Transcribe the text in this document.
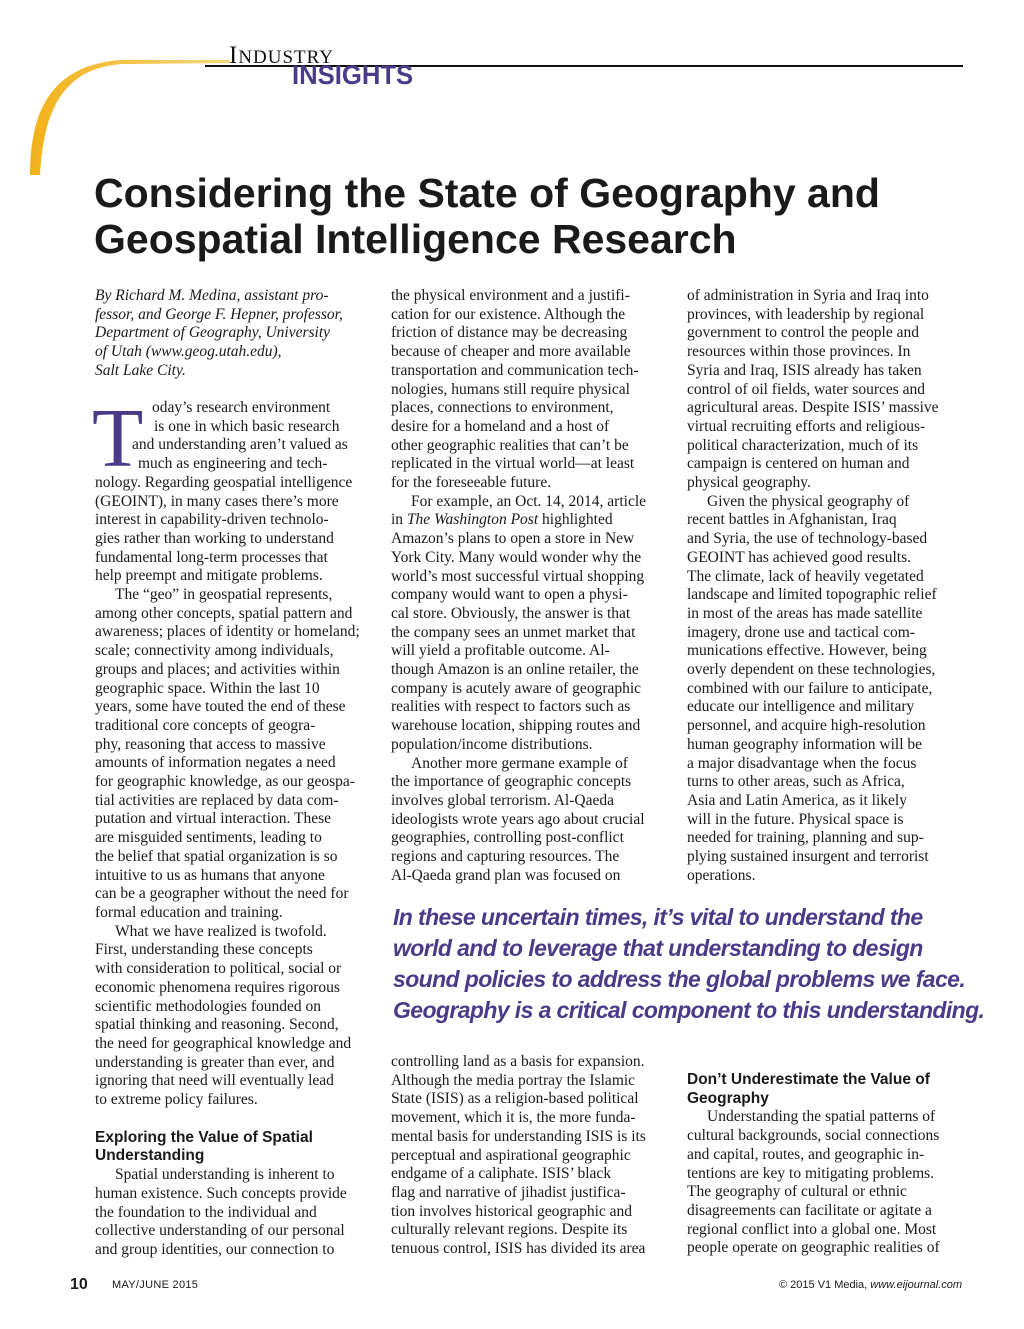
INDUSTRY
INSIGHTS
Considering the State of Geography and
Geospatial Intelligence Research
By Richard M. Medina, assistant pro-
fessor, and George F. Hepner, professor,
Department of Geography, University
of Utah (www.geog.utah.edu),
Salt Lake City.
T oday’s research environment
is one in which basic research
and understanding aren’t valued as
much as engineering and tech-
nology. Regarding geospatial intelligence
(GEOINT), in many cases there’s more
interest in capability-driven technolo-
gies rather than working to understand
fundamental long-term processes that
help preempt and mitigate problems.
The “geo” in geospatial represents,
among other concepts, spatial pattern and
awareness; places of identity or homeland;
scale; connectivity among individuals,
groups and places; and activities within
geographic space. Within the last 10
years, some have touted the end of these
traditional core concepts of geogra-
phy, reasoning that access to massive
amounts of information negates a need
for geographic knowledge, as our geospa-
tial activities are replaced by data com-
putation and virtual interaction. These
are misguided sentiments, leading to
the belief that spatial organization is so
intuitive to us as humans that anyone
can be a geographer without the need for
formal education and training.
What we have realized is twofold.
First, understanding these concepts
with consideration to political, social or
economic phenomena requires rigorous
scientific methodologies founded on
spatial thinking and reasoning. Second,
the need for geographical knowledge and
understanding is greater than ever, and
ignoring that need will eventually lead
to extreme policy failures.
Exploring the Value of Spatial
Understanding
Spatial understanding is inherent to
human existence. Such concepts provide
the foundation to the individual and
collective understanding of our personal
and group identities, our connection to
the physical environment and a justifi-
cation for our existence. Although the
friction of distance may be decreasing
because of cheaper and more available
transportation and communication tech-
nologies, humans still require physical
places, connections to environment,
desire for a homeland and a host of
other geographic realities that can’t be
replicated in the virtual world—at least
for the foreseeable future.
For example, an Oct. 14, 2014, article
in The Washington Post highlighted
Amazon’s plans to open a store in New
York City. Many would wonder why the
world’s most successful virtual shopping
company would want to open a physi-
cal store. Obviously, the answer is that
the company sees an unmet market that
will yield a profitable outcome. Al-
though Amazon is an online retailer, the
company is acutely aware of geographic
realities with respect to factors such as
warehouse location, shipping routes and
population/income distributions.
Another more germane example of
the importance of geographic concepts
involves global terrorism. Al-Qaeda
ideologists wrote years ago about crucial
geographies, controlling post-conflict
regions and capturing resources. The
Al-Qaeda grand plan was focused on
of administration in Syria and Iraq into
provinces, with leadership by regional
government to control the people and
resources within those provinces. In
Syria and Iraq, ISIS already has taken
control of oil fields, water sources and
agricultural areas. Despite ISIS’ massive
virtual recruiting efforts and religious-
political characterization, much of its
campaign is centered on human and
physical geography.
Given the physical geography of
recent battles in Afghanistan, Iraq
and Syria, the use of technology-based
GEOINT has achieved good results.
The climate, lack of heavily vegetated
landscape and limited topographic relief
in most of the areas has made satellite
imagery, drone use and tactical com-
munications effective. However, being
overly dependent on these technologies,
combined with our failure to anticipate,
educate our intelligence and military
personnel, and acquire high-resolution
human geography information will be
a major disadvantage when the focus
turns to other areas, such as Africa,
Asia and Latin America, as it likely
will in the future. Physical space is
needed for training, planning and sup-
plying sustained insurgent and terrorist
operations.
In these uncertain times, it’s vital to understand the
world and to leverage that understanding to design
sound policies to address the global problems we face.
Geography is a critical component to this understanding.
controlling land as a basis for expansion.
Although the media portray the Islamic
State (ISIS) as a religion-based political
movement, which it is, the more funda-
mental basis for understanding ISIS is its
perceptual and aspirational geographic
endgame of a caliphate. ISIS’ black
flag and narrative of jihadist justifica-
tion involves historical geographic and
culturally relevant regions. Despite its
tenuous control, ISIS has divided its area
Don’t Underestimate the Value of
Geography
Understanding the spatial patterns of
cultural backgrounds, social connections
and capital, routes, and geographic in-
tentions are key to mitigating problems.
The geography of cultural or ethnic
disagreements can facilitate or agitate a
regional conflict into a global one. Most
people operate on geographic realities of
10 MAY/JUNE 2015	© 2015 V1 Media, www.eijournal.com
